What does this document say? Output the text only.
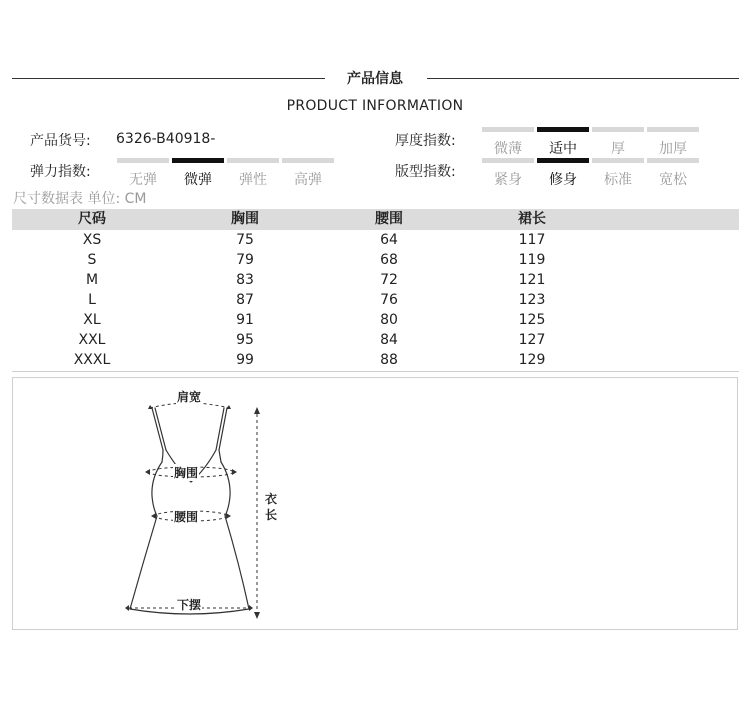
产品信息
PRODUCT INFORMATION
产品货号: 6326-B40918-
弹力指数:	无弹	微弹	弹性	高弹
厚度指数:	微薄	适中	厚	加厚
版型指数:	紧身	修身	标准	宽松
尺寸数据表 单位: CM
尺码	胸围	腰围	裙长
XS	75	64	117
S	79	68	119
M	83	72	121
L	87	76	123
XL	91	80	125
XXL	95	84	127
XXXL	99	88	129
肩宽
胸围
腰围
下摆
衣
长
